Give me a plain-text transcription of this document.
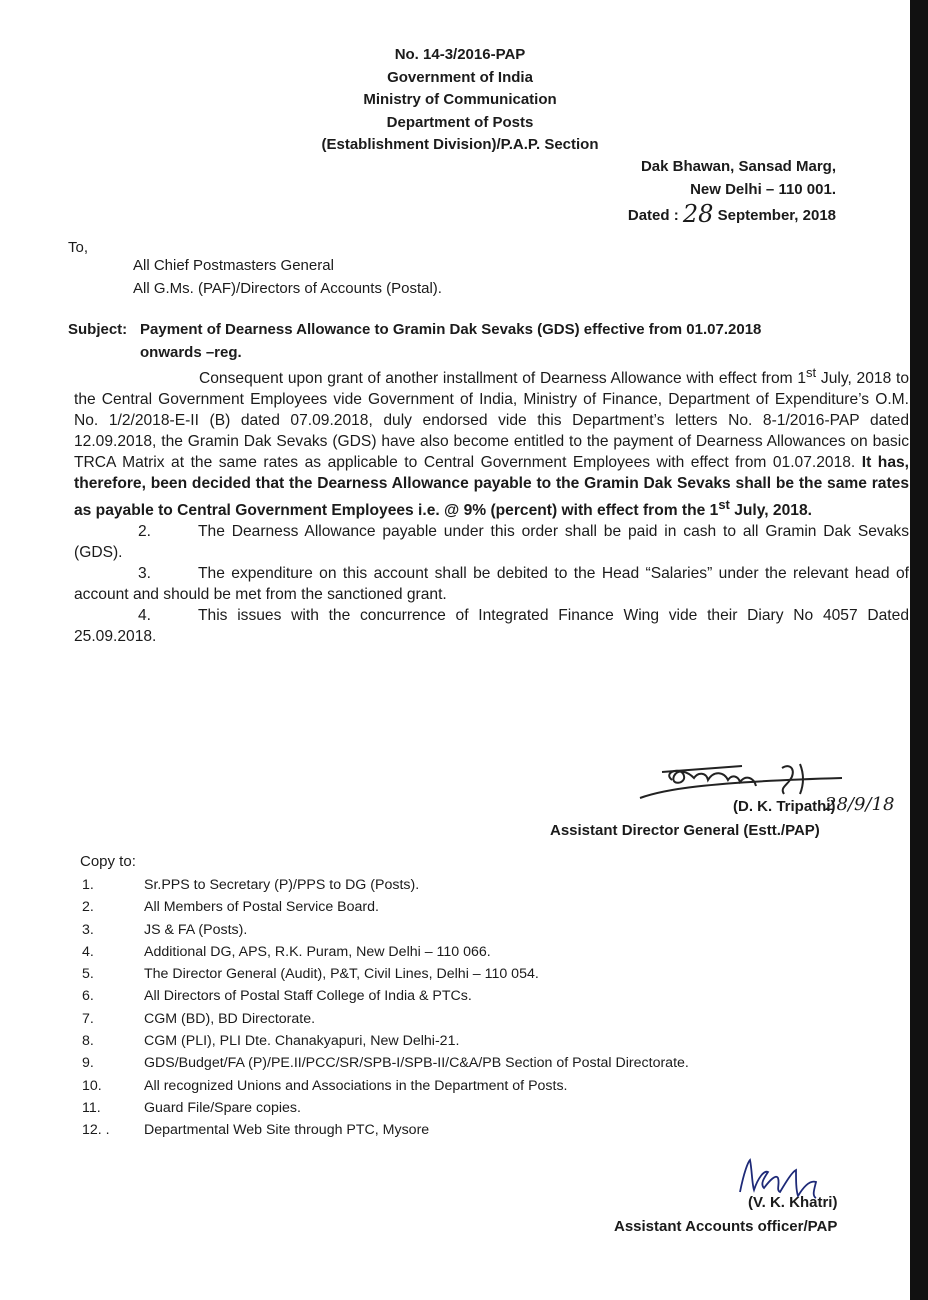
No. 14-3/2016-PAP
Government of India
Ministry of Communication
Department of Posts
(Establishment Division)/P.A.P. Section
Dak Bhawan, Sansad Marg,
New Delhi – 110 001.
Dated : 28 September, 2018
To,
All Chief Postmasters General
All G.Ms. (PAF)/Directors of Accounts (Postal).
Subject: Payment of Dearness Allowance to Gramin Dak Sevaks (GDS) effective from 01.07.2018
onwards –reg.

Consequent upon grant of another installment of Dearness Allowance with effect from 1st July, 2018 to the Central Government Employees vide Government of India, Ministry of Finance, Department of Expenditure’s O.M. No. 1/2/2018-E-II (B) dated 07.09.2018, duly endorsed vide this Department’s letters No. 8-1/2016-PAP dated 12.09.2018, the Gramin Dak Sevaks (GDS) have also become entitled to the payment of Dearness Allowances on basic TRCA Matrix at the same rates as applicable to Central Government Employees with effect from 01.07.2018. It has, therefore, been decided that the Dearness Allowance payable to the Gramin Dak Sevaks shall be the same rates as payable to Central Government Employees i.e. @ 9% (percent) with effect from the 1st July, 2018.

2.	The Dearness Allowance payable under this order shall be paid in cash to all Gramin Dak Sevaks (GDS).

3.	The expenditure on this account shall be debited to the Head “Salaries” under the relevant head of account and should be met from the sanctioned grant.

4.	This issues with the concurrence of Integrated Finance Wing vide their Diary No 4057 Dated 25.09.2018.

(D. K. Tripathi)
28/9/18
Assistant Director General (Estt./PAP)
Copy to:
1.	Sr.PPS to Secretary (P)/PPS to DG (Posts).
2.	All Members of Postal Service Board.
3.	JS & FA (Posts).
4.	Additional DG, APS, R.K. Puram, New Delhi – 110 066.
5.	The Director General (Audit), P&T, Civil Lines, Delhi – 110 054.
6.	All Directors of Postal Staff College of India & PTCs.
7.	CGM (BD), BD Directorate.
8.	CGM (PLI), PLI Dte. Chanakyapuri, New Delhi-21.
9.	GDS/Budget/FA (P)/PE.II/PCC/SR/SPB-I/SPB-II/C&A/PB Section of Postal Directorate.
10.	All recognized Unions and Associations in the Department of Posts.
11.	Guard File/Spare copies.
12. . Departmental Web Site through PTC, Mysore
(V. K. Khatri)
Assistant Accounts officer/PAP
